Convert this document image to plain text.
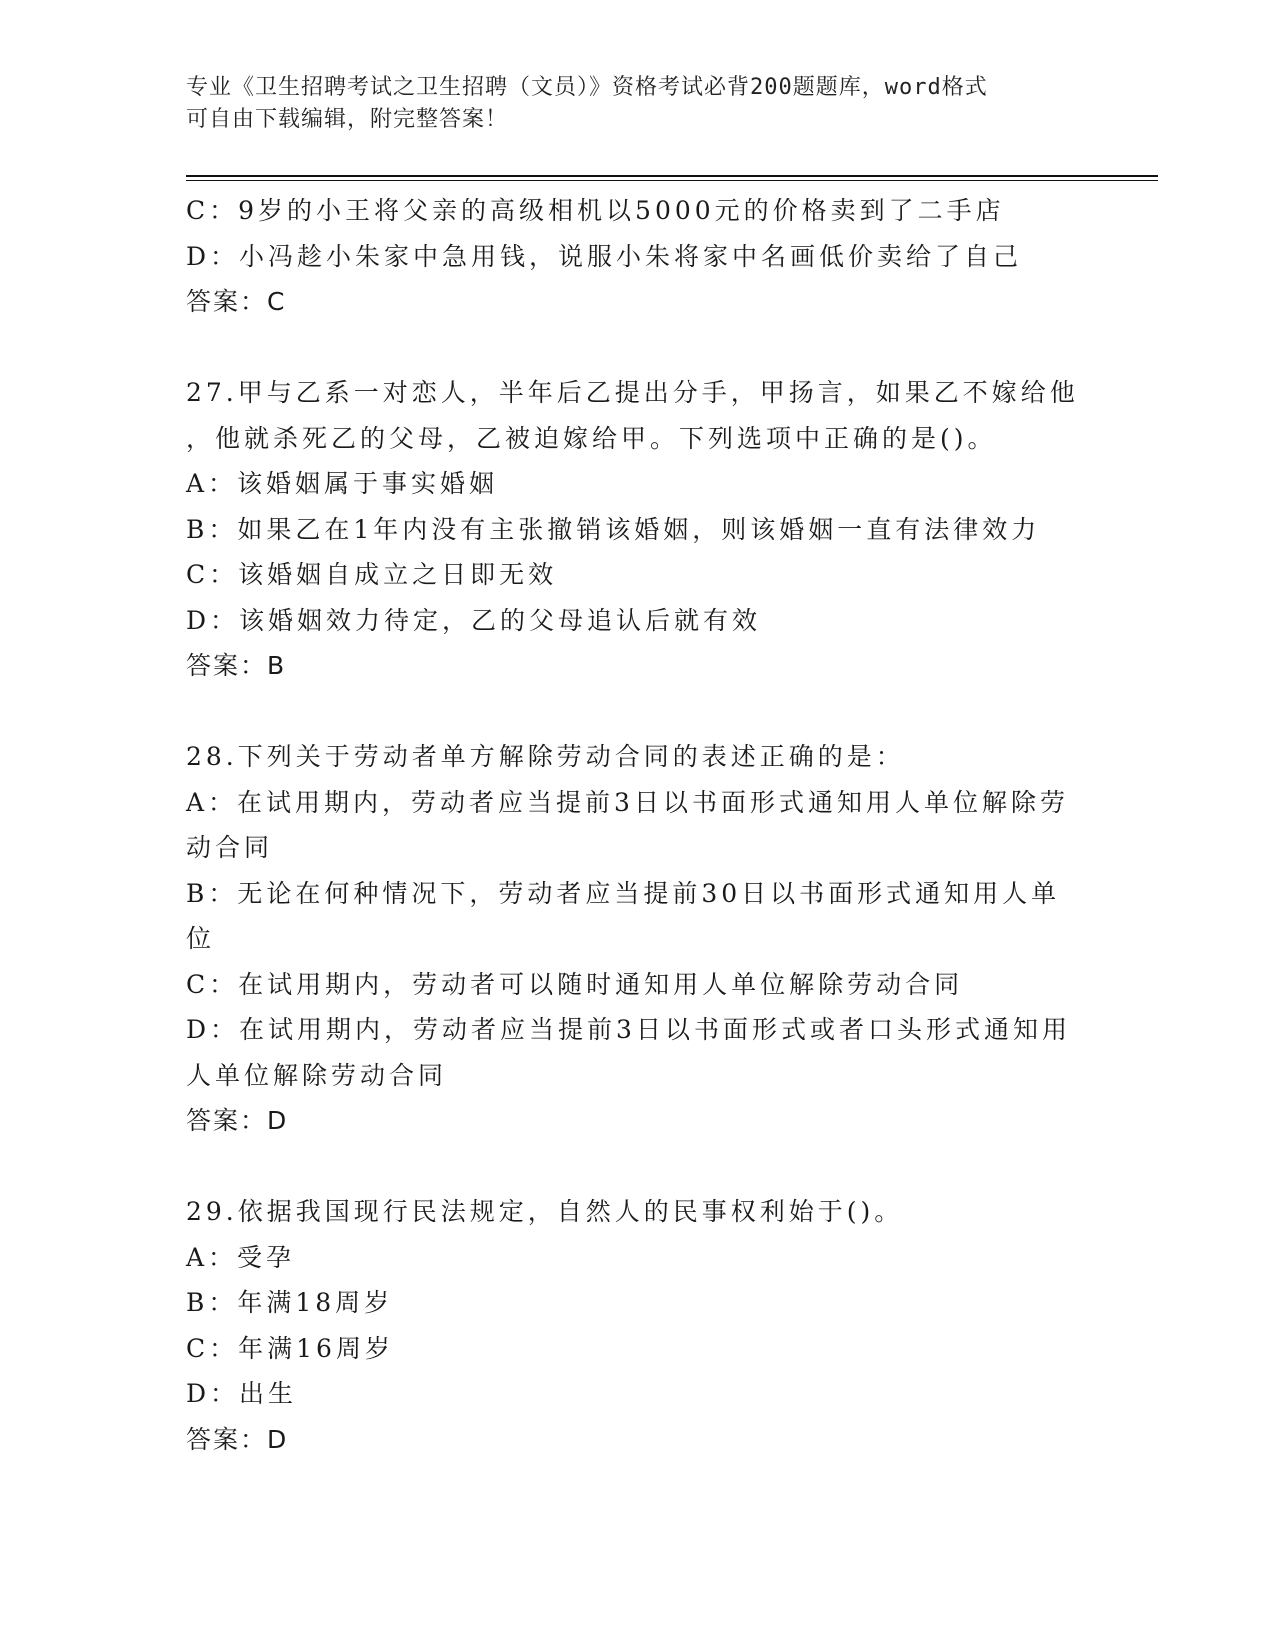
专业《卫生招聘考试之卫生招聘（文员）》资格考试必背200题题库，word格式
可自由下载编辑，附完整答案！
C：9岁的小王将父亲的高级相机以5000元的价格卖到了二手店
D：小冯趁小朱家中急用钱，说服小朱将家中名画低价卖给了自己
答案：C
27.甲与乙系一对恋人，半年后乙提出分手，甲扬言，如果乙不嫁给他
，他就杀死乙的父母，乙被迫嫁给甲。下列选项中正确的是()。
A：该婚姻属于事实婚姻
B：如果乙在1年内没有主张撤销该婚姻，则该婚姻一直有法律效力
C：该婚姻自成立之日即无效
D：该婚姻效力待定，乙的父母追认后就有效
答案：B
28.下列关于劳动者单方解除劳动合同的表述正确的是：
A：在试用期内，劳动者应当提前3日以书面形式通知用人单位解除劳
动合同
B：无论在何种情况下，劳动者应当提前30日以书面形式通知用人单
位
C：在试用期内，劳动者可以随时通知用人单位解除劳动合同
D：在试用期内，劳动者应当提前3日以书面形式或者口头形式通知用
人单位解除劳动合同
答案：D
29.依据我国现行民法规定，自然人的民事权利始于()。
A：受孕
B：年满18周岁
C：年满16周岁
D：出生
答案：D
